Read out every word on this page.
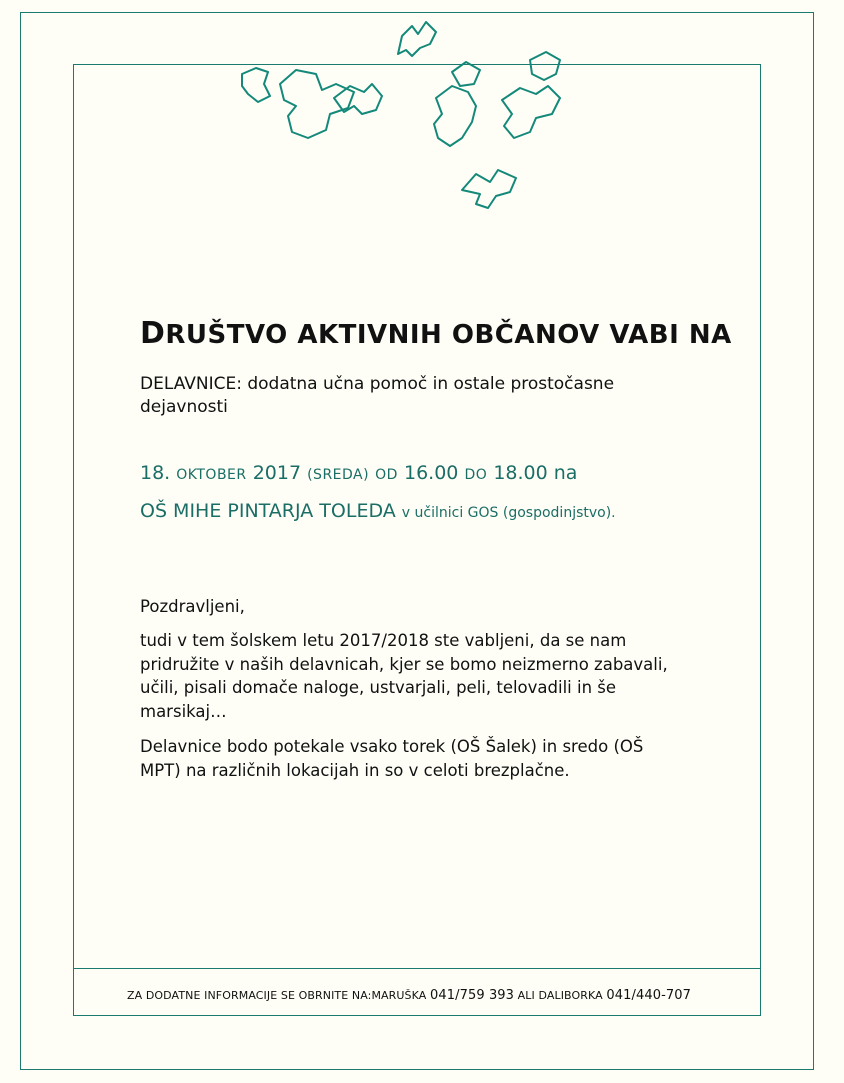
DRUŠTVO AKTIVNIH OBČANOV VABI NA
DELAVNICE: dodatna učna pomoč in ostale prostočasne dejavnosti
18. OKTOBER 2017 (SREDA) OD 16.00 DO 18.00 na
OŠ MIHE PINTARJA TOLEDA v učilnici GOS (gospodinjstvo).
Pozdravljeni,
tudi v tem šolskem letu 2017/2018 ste vabljeni, da se nam pridružite v naših delavnicah, kjer se bomo neizmerno zabavali, učili, pisali domače naloge, ustvarjali, peli, telovadili in še marsikaj…
Delavnice bodo potekale vsako torek (OŠ Šalek) in sredo (OŠ MPT) na različnih lokacijah in so v celoti brezplačne.
ZA DODATNE INFORMACIJE SE OBRNITE NA:MARUŠKA 041/759 393 ALI DALIBORKA 041/440-707
